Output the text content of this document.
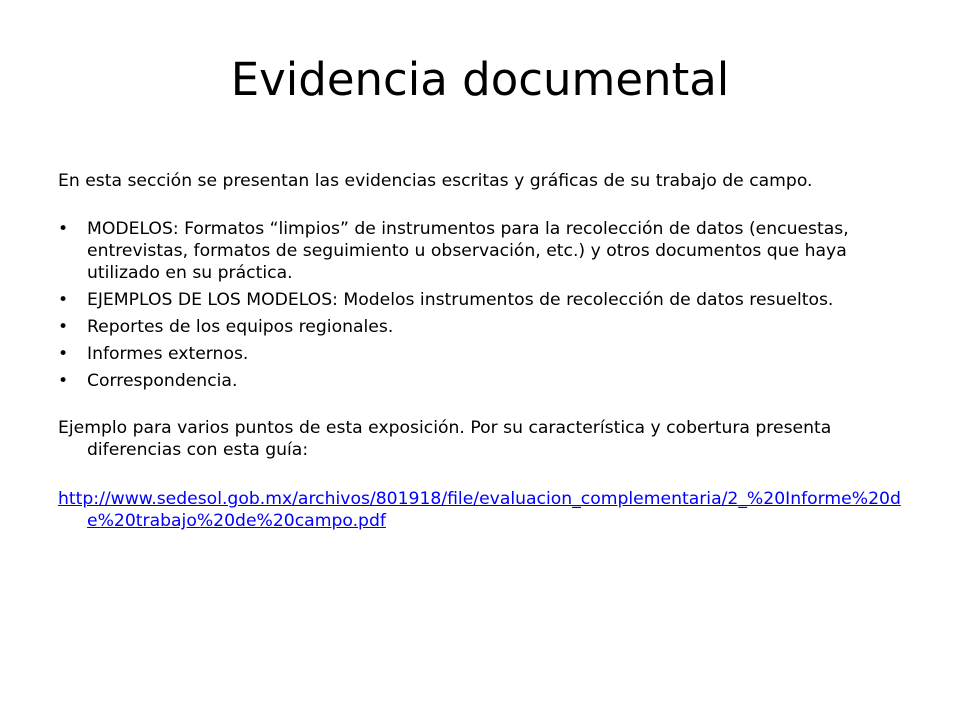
Evidencia documental

En esta sección se presentan las evidencias escritas y gráficas de su trabajo de campo.

• MODELOS: Formatos “limpios” de instrumentos para la recolección de datos (encuestas, entrevistas, formatos de seguimiento u observación, etc.) y otros documentos que haya utilizado en su práctica.
• EJEMPLOS DE LOS MODELOS: Modelos instrumentos de recolección de datos resueltos.
• Reportes de los equipos regionales.
• Informes externos.
• Correspondencia.

Ejemplo para varios puntos de esta exposición. Por su característica y cobertura presenta diferencias con esta guía:

http://www.sedesol.gob.mx/archivos/801918/file/evaluacion_complementaria/2_%20Informe%20de%20trabajo%20de%20campo.pdf
